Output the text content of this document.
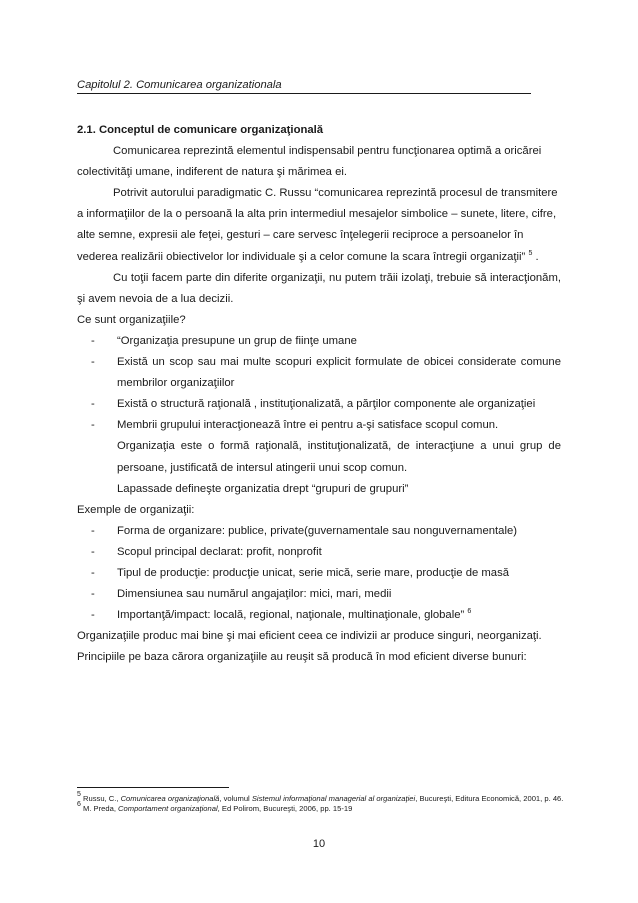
Capitolul 2. Comunicarea organizationala

2.1. Conceptul de comunicare organizaţională

Comunicarea reprezintă elementul indispensabil pentru funcţionarea optimă a oricărei colectivităţi umane, indiferent de natura şi mărimea ei.

Potrivit autorului paradigmatic C. Russu “comunicarea reprezintă procesul de transmitere a informaţiilor de la o persoană la alta prin intermediul mesajelor simbolice – sunete, litere, cifre, alte semne, expresii ale feţei, gesturi – care servesc înţelegerii reciproce a persoanelor în vederea realizării obiectivelor lor individuale şi a celor comune la scara întregii organizaţii” $^5$ .

Cu toţii facem parte din diferite organizaţii, nu putem trăii izolaţi, trebuie să interacţionăm, şi avem nevoia de a lua decizii.

Ce sunt organizaţiile?

- “Organizaţia presupune un grup de fiinţe umane

- Există un scop sau mai multe scopuri explicit formulate de obicei considerate comune membrilor organizaţiilor

- Există o structură raţională , instituţionalizată, a părţilor componente ale organizaţiei

- Membrii grupului interacţionează între ei pentru a-şi satisface scopul comun.

Organizaţia este o formă raţională, instituţionalizată, de interacţiune a unui grup de persoane, justificată de intersul atingerii unui scop comun.

Lapassade defineşte organizatia drept “grupuri de grupuri”

Exemple de organizaţii:

- Forma de organizare: publice, private(guvernamentale sau nonguvernamentale)

- Scopul principal declarat: profit, nonprofit

- Tipul de producţie: producţie unicat, serie mică, serie mare, producţie de masă

- Dimensiunea sau numărul angajaţilor: mici, mari, medii

- Importanţă/impact: locală, regional, naţionale, multinaţionale, globale” $^6$

Organizaţiile produc mai bine şi mai eficient ceea ce indivizii ar produce singuri, neorganizaţi.

Principiile pe baza cărora organizaţiile au reuşit să producă în mod eficient diverse bunuri:

$^5$ Russu, C., Comunicarea organizaţională, volumul Sistemul informaţional managerial al organizaţiei, Bucureşti, Editura Economică, 2001, p. 46.

$^6$ M. Preda, Comportament organizaţional, Ed Polirom, Bucureşti, 2006, pp. 15-19

10
